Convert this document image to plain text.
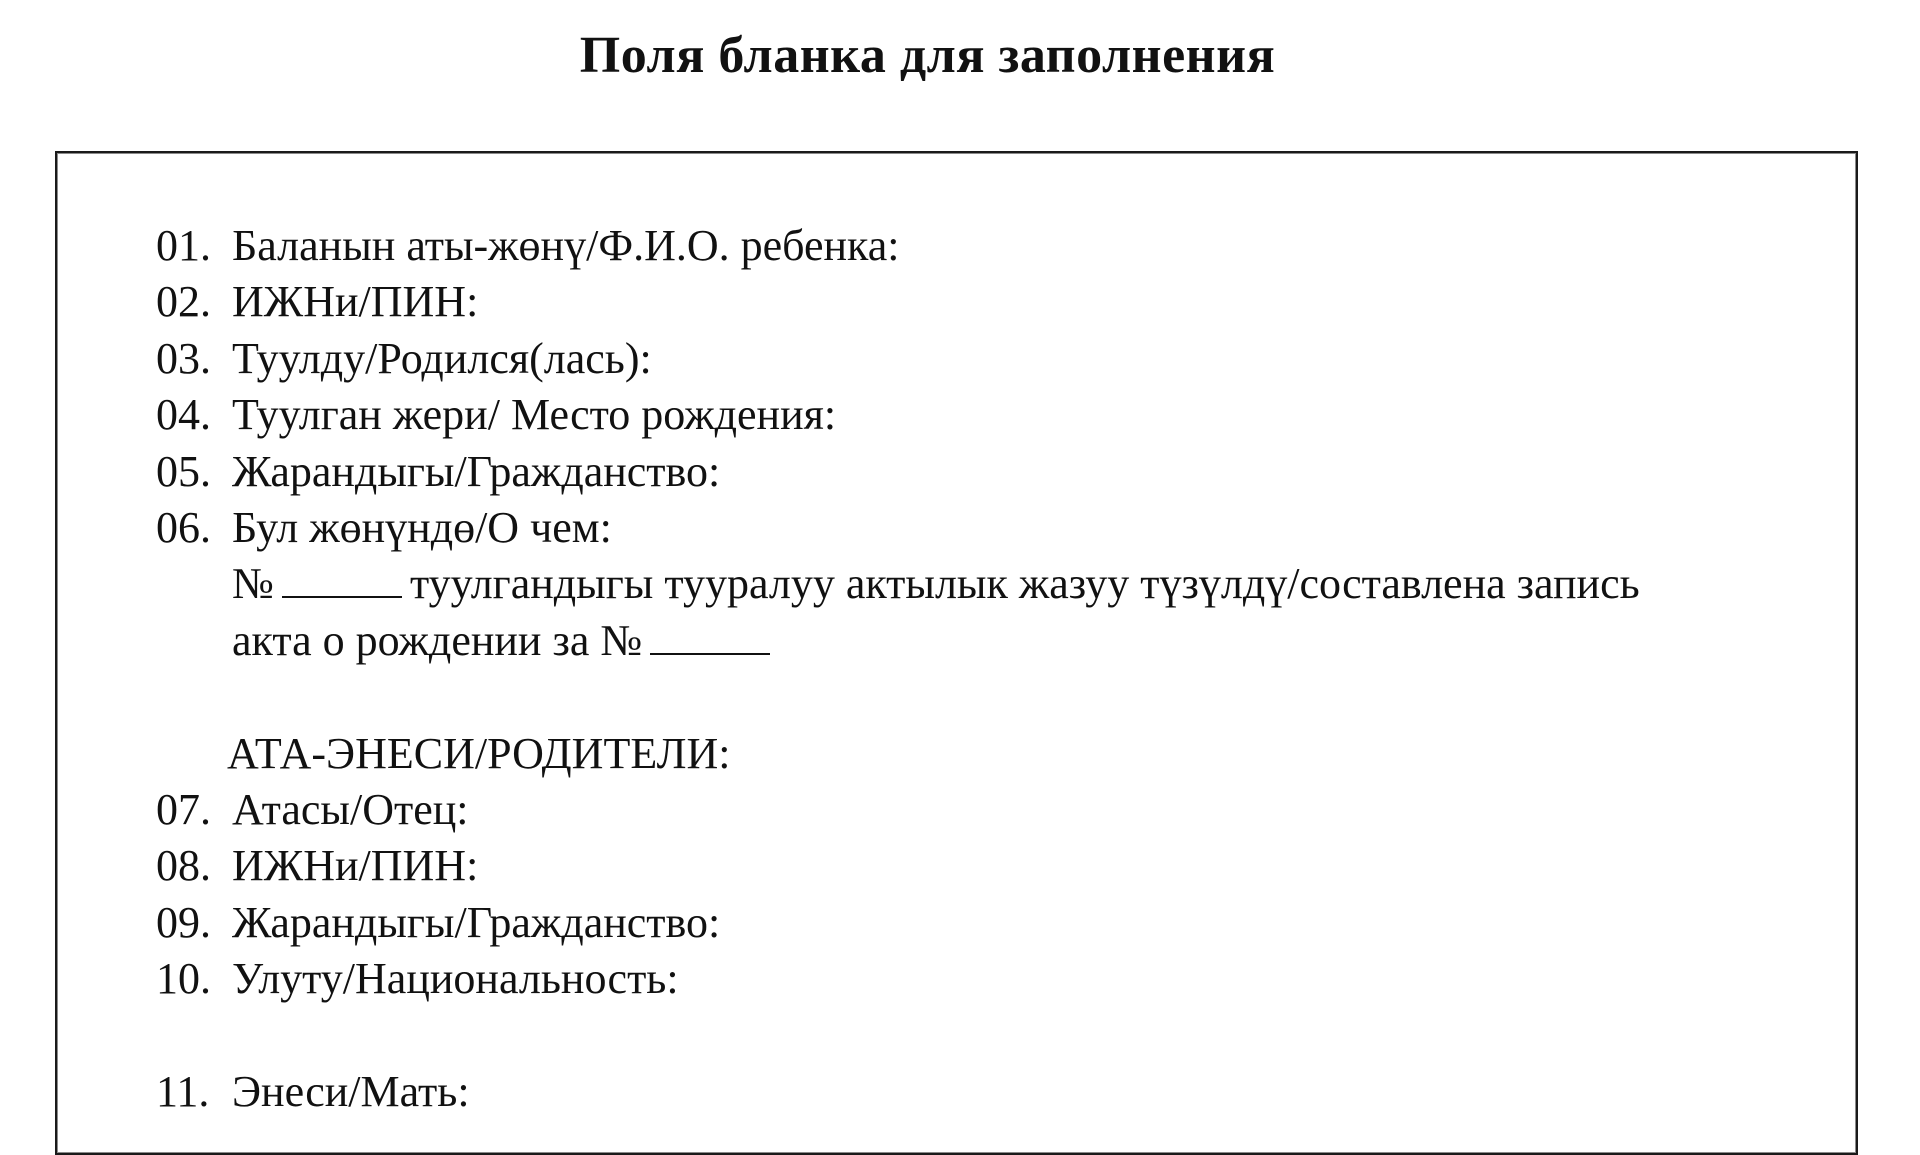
Поля бланка для заполнения
01. Баланын аты-жөнү/Ф.И.О. ребенка:
02. ИЖНи/ПИН:
03. Туулду/Родился(лась):
04. Туулган жери/ Место рождения:
05. Жарандыгы/Гражданство:
06. Бул жөнүндө/О чем:
№	туулгандыгы тууралуу актылык жазуу түзүлдү/составлена запись
акта о рождении за №
АТА-ЭНЕСИ/РОДИТЕЛИ:
07. Атасы/Отец:
08. ИЖНи/ПИН:
09. Жарандыгы/Гражданство:
10. Улуту/Национальность:
11. Энеси/Мать:
